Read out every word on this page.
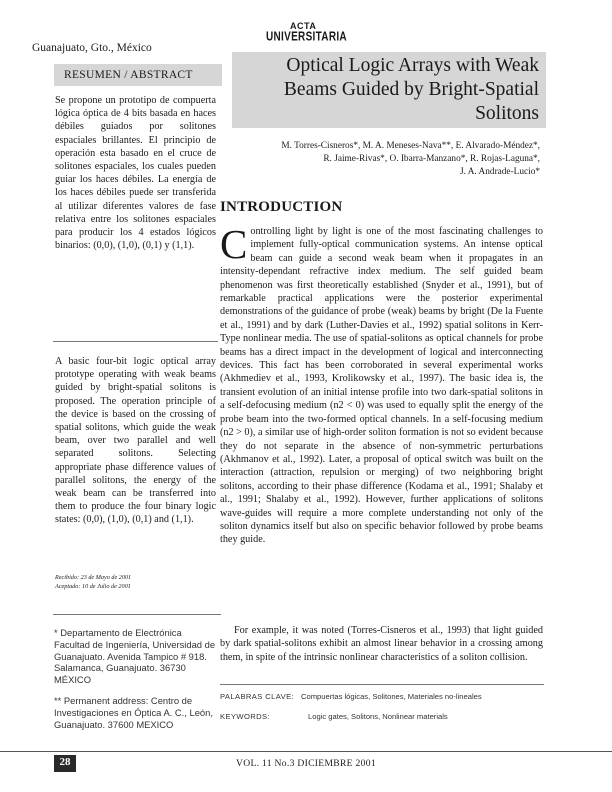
Guanajuato, Gto., México
ACTA
UNIVERSITARIA
RESUMEN / ABSTRACT	Optical Logic Arrays with Weak Beams Guided by Bright-Spatial Solitons
M. Torres-Cisneros*, M. A. Meneses-Nava**, E. Alvarado-Méndez*,
R. Jaime-Rivas*, O. Ibarra-Manzano*, R. Rojas-Laguna*,
J. A. Andrade-Lucio*
Se propone un prototipo de compuerta lógica óptica de 4 bits basada en haces débiles guiados por solitones espaciales brillantes. El principio de operación esta basado en el cruce de solitones espaciales, los cuales pueden guiar los haces débiles. La energía de los haces débiles puede ser transferida al utilizar diferentes valores de fase relativa entre los solitones espaciales para producir los 4 estados lógicos binarios: (0,0), (1,0), (0,1) y (1,1).
A basic four-bit logic optical array prototype operating with weak beams guided by bright-spatial solitons is proposed. The operation principle of the device is based on the crossing of spatial solitons, which guide the weak beam, over two parallel and well separated solitons. Selecting appropriate phase difference values of parallel solitons, the energy of the weak beam can be transferred into them to produce the four binary logic states: (0,0), (1,0), (0,1) and (1,1).
Recibido: 23 de Mayo de 2001
Aceptado: 10 de Julio de 2001
* Departamento de Electrónica Facultad de Ingeniería, Universidad de Guanajuato. Avenida Tampico # 918. Salamanca, Guanajuato. 36730 MÉXICO
** Permanent address: Centro de Investigaciones en Óptica A. C., León, Guanajuato. 37600 MEXICO
INTRODUCTION
Controlling light by light is one of the most fascinating challenges to implement fully-optical communication systems. An intense optical beam can guide a second weak beam when it propagates in an intensity-dependant refractive index medium. The self guided beam phenomenon was first theoretically established (Snyder et al., 1991), but of remarkable practical applications were the posterior experimental demonstrations of the guidance of probe (weak) beams by bright (De la Fuente et al., 1991) and by dark (Luther-Davies et al., 1992) spatial solitons in Kerr-Type nonlinear media. The use of spatial-solitons as optical channels for probe beams has a direct impact in the development of logical and interconnecting devices. This fact has been corroborated in several experimental works (Akhmediev et al., 1993, Krolikowsky et al., 1997). The basic idea is, the transient evolution of an initial intense profile into two dark-spatial solitons in a self-defocusing medium (n2 < 0) was used to equally split the energy of the probe beam into the two-formed optical channels. In a self-focusing medium (n2 > 0), a similar use of high-order soliton formation is not so evident because they do not separate in the absence of non-symmetric perturbations (Akhmanov et al., 1992). Later, a proposal of optical switch was built on the interaction (attraction, repulsion or merging) of two neighboring bright solitons, according to their phase difference (Kodama et al., 1991; Shalaby et al., 1991; Shalaby et al., 1992). However, further applications of solitons wave-guides will require a more complete understanding not only of the soliton dynamics itself but also on specific behavior followed by probe beams they guide.
For example, it was noted (Torres-Cisneros et al., 1993) that light guided by dark spatial-solitons exhibit an almost linear behavior in a crossing among them, in spite of the intrinsic nonlinear characteristics of a soliton collision.
PALABRAS CLAVE: Compuertas lógicas, Solitones, Materiales no-lineales
KEYWORDS:	Logic gates, Solitons, Nonlinear materials
28	VOL. 11 No.3 DICIEMBRE 2001
